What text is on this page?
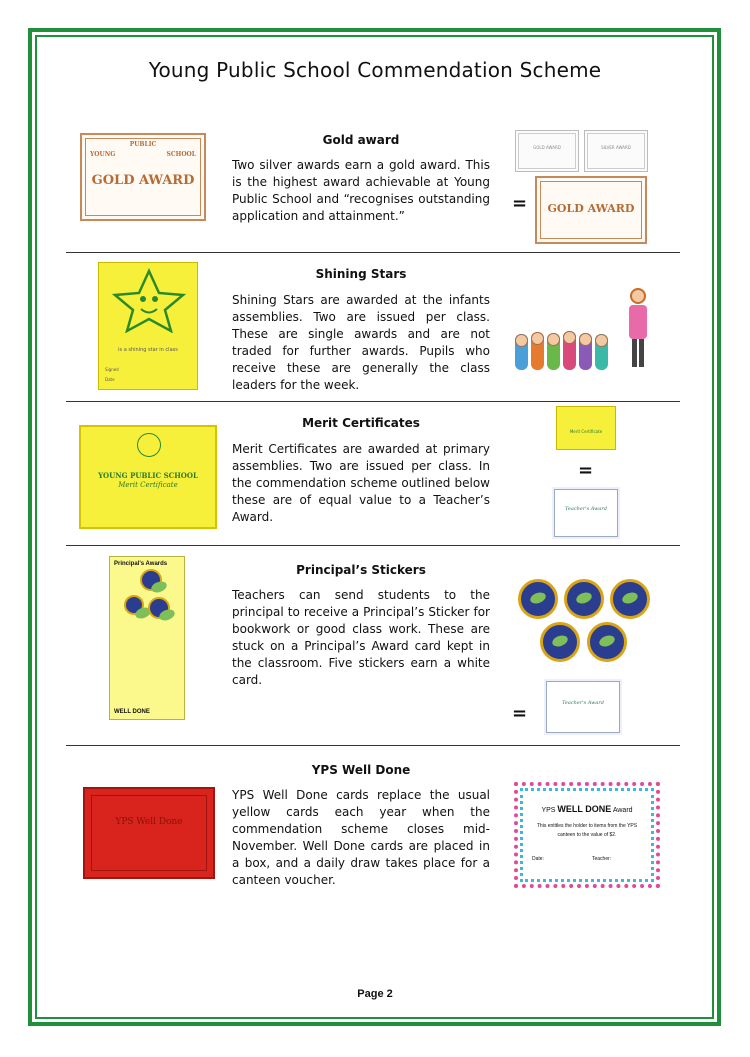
Young Public School Commendation Scheme
PUBLIC
YOUNG	SCHOOL
GOLD AWARD
Gold award
Two silver awards earn a gold award. This is the highest award achievable at Young Public School and “recognises outstanding application and attainment.”
GOLD AWARD	SILVER AWARD
=	GOLD AWARD
is a shining star in class
Signed
Date
Shining Stars
Shining Stars are awarded at the infants assemblies. Two are issued per class. These are single awards and are not traded for further awards. Pupils who receive these are generally the class leaders for the week.
YOUNG PUBLIC SCHOOL
Merit Certificate
Merit Certificates
Merit Certificates are awarded at primary assemblies. Two are issued per class. In the commendation scheme outlined below these are of equal value to a Teacher’s Award.
Merit Certificate
=
Teacher's Award
Principal's Awards
WELL DONE
Principal’s Stickers
Teachers can send students to the principal to receive a Principal’s Sticker for bookwork or good class work. These are stuck on a Principal’s Award card kept in the classroom. Five stickers earn a white card.
=	Teacher's Award
YPS Well Done
YPS Well Done
YPS Well Done cards replace the usual yellow cards each year when the commendation scheme closes mid-November. Well Done cards are placed in a box, and a daily draw takes place for a canteen voucher.
YPS WELL DONE Award
This entitles the holder to items from the YPS canteen to the value of $2.
Date:	Teacher:
Page 2
